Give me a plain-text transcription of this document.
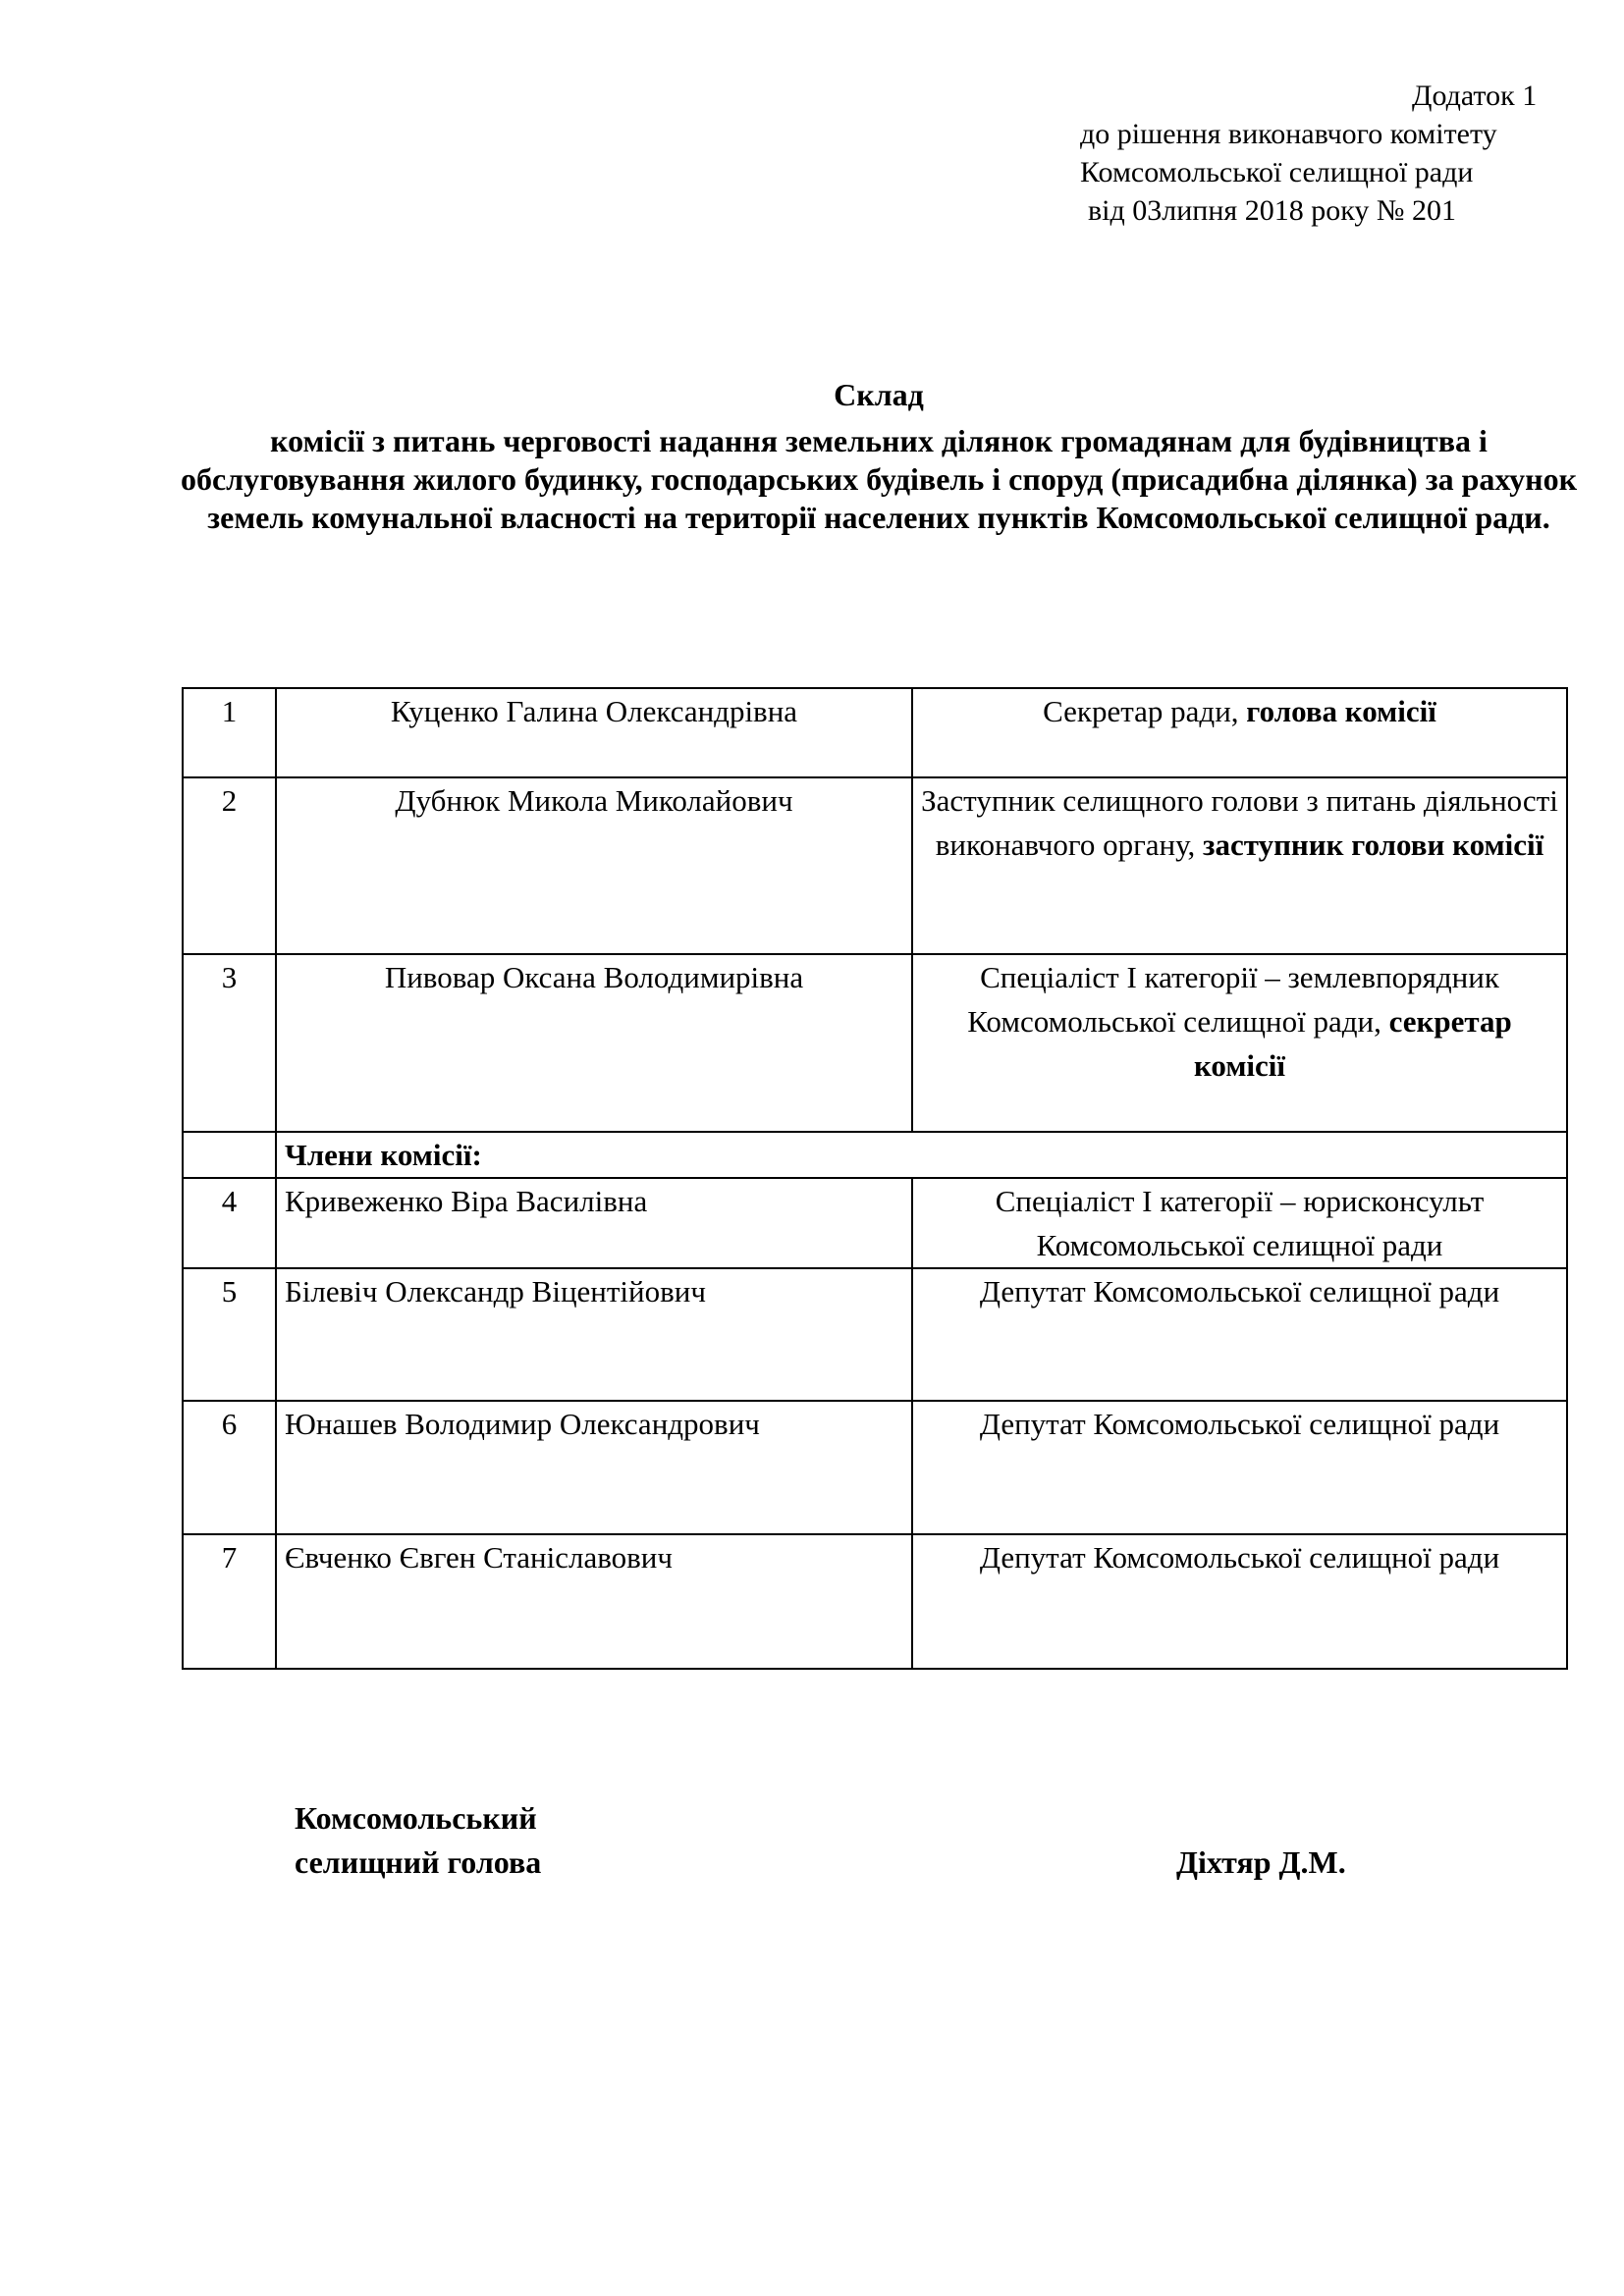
Додаток 1
до рішення виконавчого комітету
Комсомольської селищної ради
від 03липня 2018 року № 201
Склад
комісії з питань черговості надання земельних ділянок громадянам для будівництва і обслуговування жилого будинку, господарських будівель і споруд (присадибна ділянка) за рахунок земель комунальної власності на території населених пунктів Комсомольської селищної ради.
1	Куценко Галина Олександрівна	Секретар ради, голова комісії
2	Дубнюк Микола Миколайович	Заступник селищного голови з питань діяльності виконавчого органу, заступник голови комісії
3	Пивовар Оксана Володимирівна	Спеціаліст І категорії – землевпорядник Комсомольської селищної ради, секретар комісії
	Члени комісії:	
4	Кривеженко Віра Василівна	Спеціаліст І категорії – юрисконсульт Комсомольської селищної ради
5	Білевіч Олександр Віцентійович	Депутат Комсомольської селищної ради
6	Юнашев Володимир Олександрович	Депутат Комсомольської селищної ради
7	Євченко Євген Станіславович	Депутат Комсомольської селищної ради
Комсомольський
селищний голова	Діхтяр Д.М.
